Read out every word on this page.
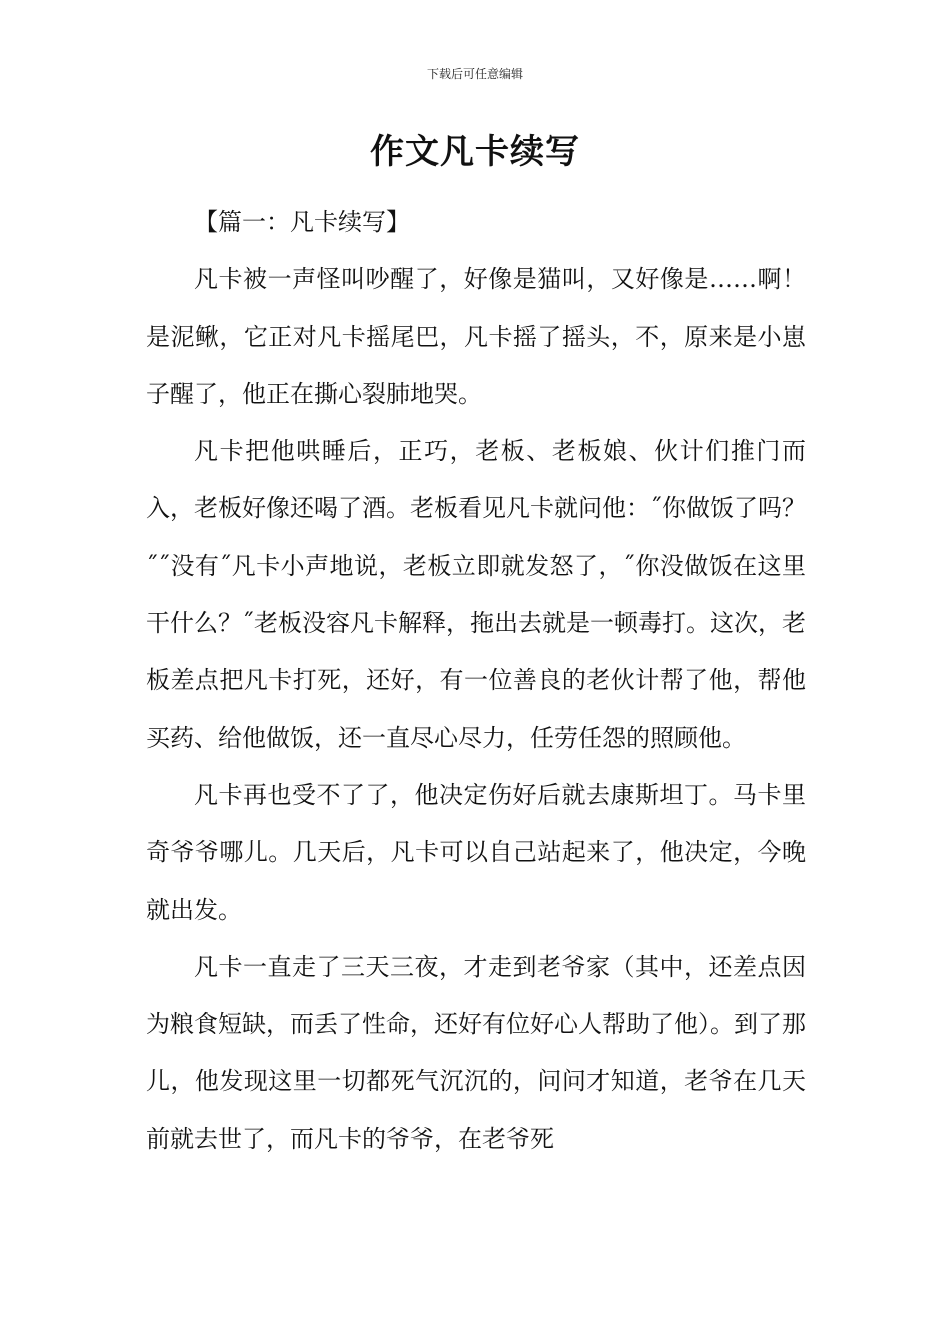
下载后可任意编辑
作文凡卡续写

【篇一：凡卡续写】

凡卡被一声怪叫吵醒了，好像是猫叫，又好像是……啊！是泥鳅，它正对凡卡摇尾巴，凡卡摇了摇头，不，原来是小崽子醒了，他正在撕心裂肺地哭。

凡卡把他哄睡后，正巧，老板、老板娘、伙计们推门而入，老板好像还喝了酒。老板看见凡卡就问他：˝你做饭了吗？˝˝没有˝凡卡小声地说，老板立即就发怒了，˝你没做饭在这里干什么？˝老板没容凡卡解释，拖出去就是一顿毒打。这次，老板差点把凡卡打死，还好，有一位善良的老伙计帮了他，帮他买药、给他做饭，还一直尽心尽力，任劳任怨的照顾他。

凡卡再也受不了了，他决定伤好后就去康斯坦丁。马卡里奇爷爷哪儿。几天后，凡卡可以自己站起来了，他决定，今晚就出发。

凡卡一直走了三天三夜，才走到老爷家（其中，还差点因为粮食短缺，而丢了性命，还好有位好心人帮助了他）。到了那儿，他发现这里一切都死气沉沉的，问问才知道，老爷在几天前就去世了，而凡卡的爷爷，在老爷死
